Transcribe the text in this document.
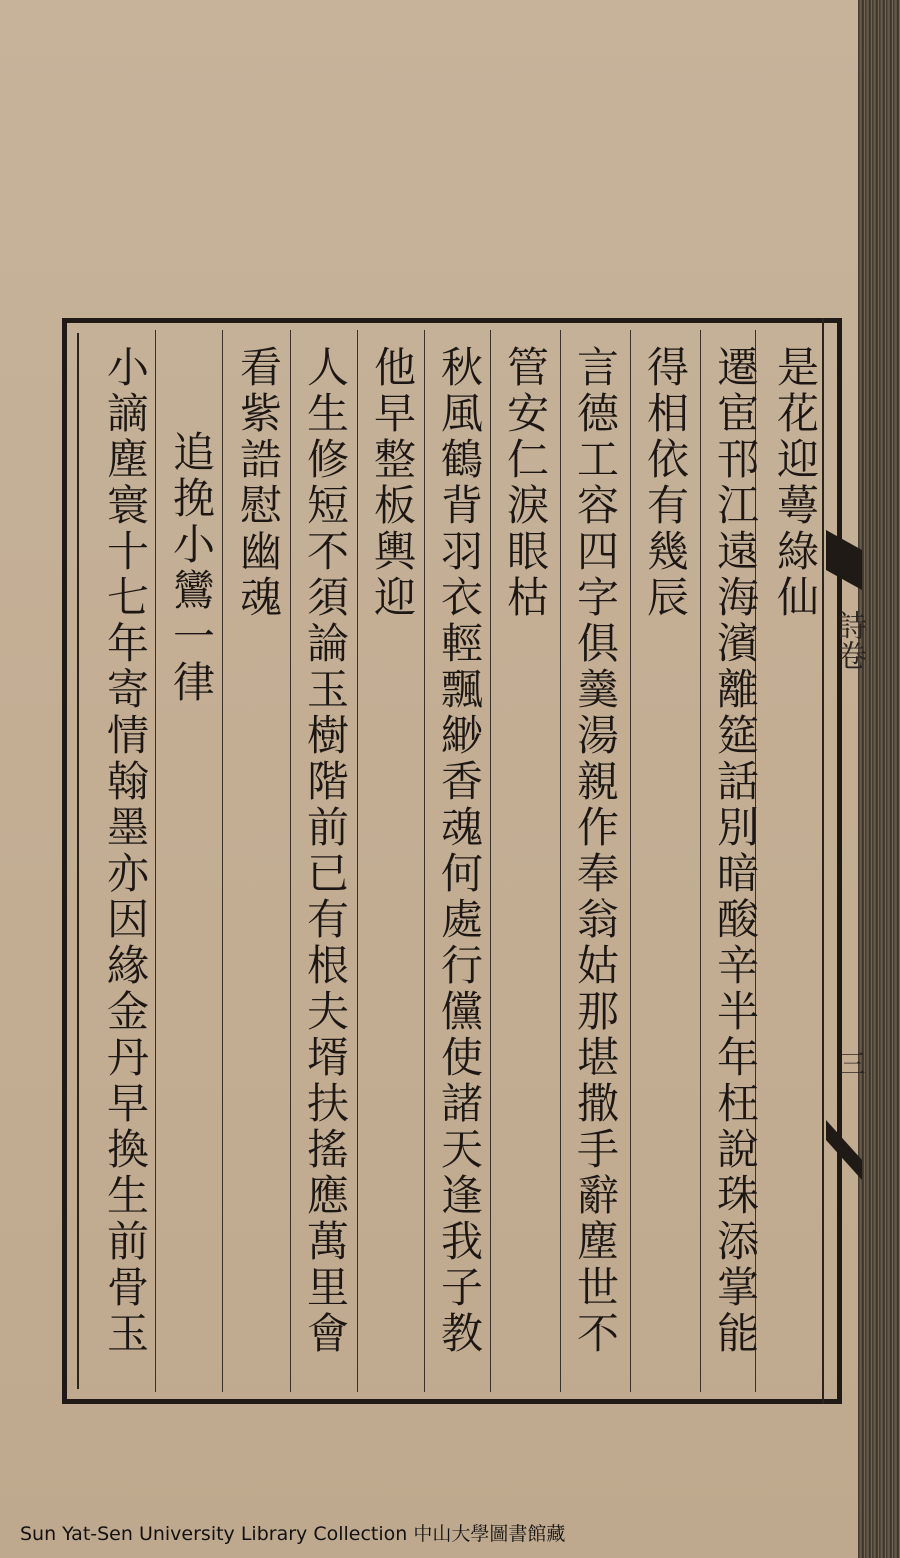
是花迎蕚綠仙
遷宦邗江遠海濱離筵話別暗酸辛半年枉說珠添掌能
得相依有幾辰
言德工容四字俱羹湯親作奉翁姑那堪撒手辭塵世不
管安仁淚眼枯
秋風鶴背羽衣輕飄緲香魂何處行儻使諸天逢我子教
他早整板輿迎
人生修短不須論玉樹階前已有根夫壻扶搖應萬里會
看紫誥慰幽魂
追挽小鸞一律
小謫塵寰十七年寄情翰墨亦因緣金丹早換生前骨玉	詩卷
三
Sun Yat-Sen University Library Collection 中山大學圖書館藏
